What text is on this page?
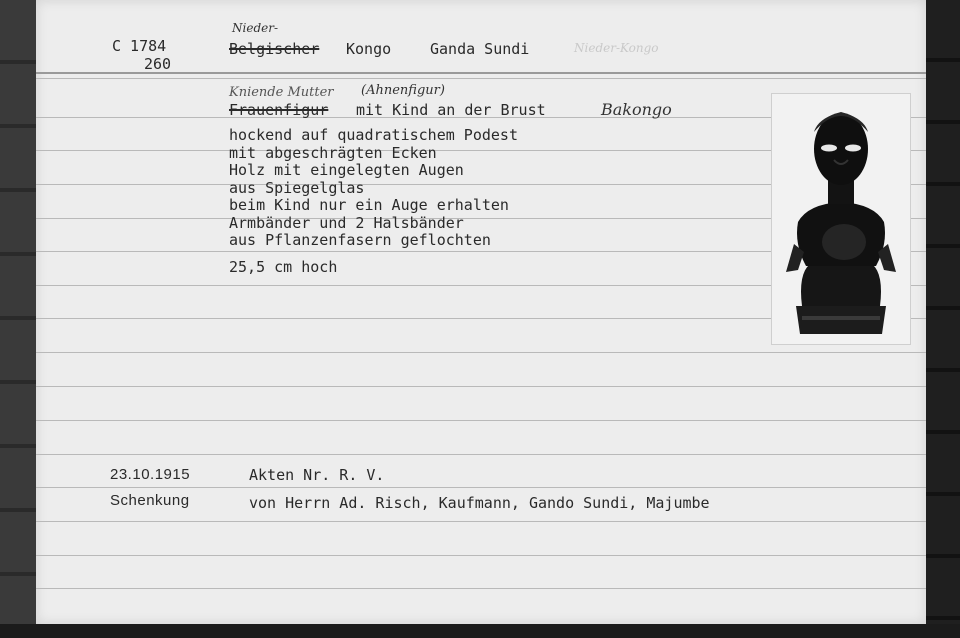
C 1784
260
Nieder-
Belgischer Kongo	Ganda Sundi	Nieder-Kongo
Kniende Mutter (Ahnenfigur)
Frauenfigur mit Kind an der Brust	Bakongo
hockend auf quadratischem Podest
mit abgeschrägten Ecken
Holz mit eingelegten Augen
aus Spiegelglas
beim Kind nur ein Auge erhalten
Armbänder und 2 Halsbänder
aus Pflanzenfasern geflochten
25,5 cm hoch
23.10.1915	Akten Nr. R. V.
Schenkung	von Herrn Ad. Risch, Kaufmann, Gando Sundi, Majumbe
